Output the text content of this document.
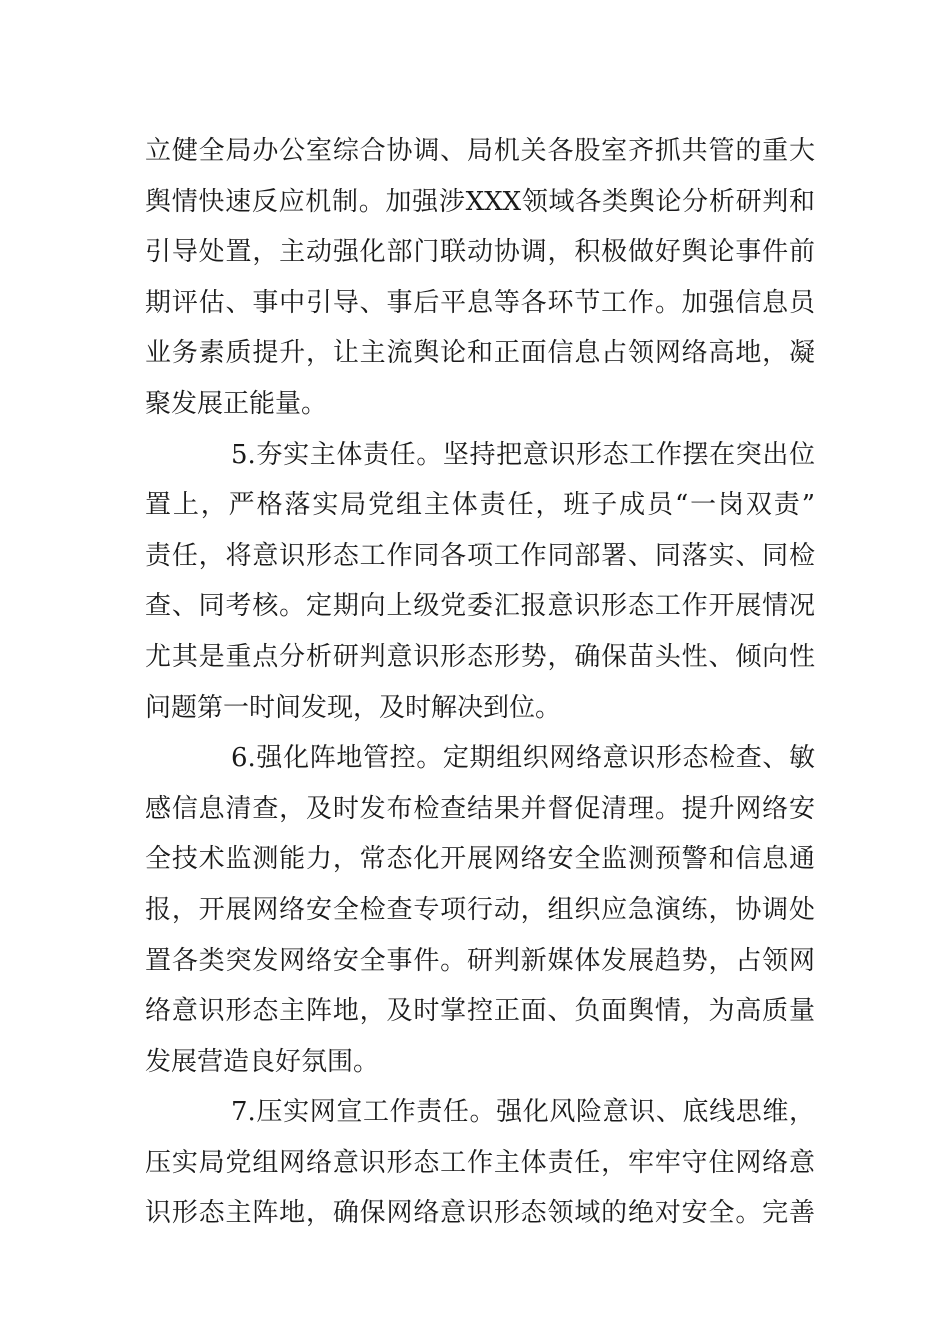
立健全局办公室综合协调、局机关各股室齐抓共管的重大
舆情快速反应机制。加强涉XXX领域各类舆论分析研判和
引导处置，主动强化部门联动协调，积极做好舆论事件前
期评估、事中引导、事后平息等各环节工作。加强信息员
业务素质提升，让主流舆论和正面信息占领网络高地，凝
聚发展正能量。
5.夯实主体责任。坚持把意识形态工作摆在突出位
置上，严格落实局党组主体责任，班子成员“一岗双责”
责任，将意识形态工作同各项工作同部署、同落实、同检
查、同考核。定期向上级党委汇报意识形态工作开展情况
尤其是重点分析研判意识形态形势，确保苗头性、倾向性
问题第一时间发现，及时解决到位。
6.强化阵地管控。定期组织网络意识形态检查、敏
感信息清查，及时发布检查结果并督促清理。提升网络安
全技术监测能力，常态化开展网络安全监测预警和信息通
报，开展网络安全检查专项行动，组织应急演练，协调处
置各类突发网络安全事件。研判新媒体发展趋势，占领网
络意识形态主阵地，及时掌控正面、负面舆情，为高质量
发展营造良好氛围。
7.压实网宣工作责任。强化风险意识、底线思维，
压实局党组网络意识形态工作主体责任，牢牢守住网络意
识形态主阵地，确保网络意识形态领域的绝对安全。完善
